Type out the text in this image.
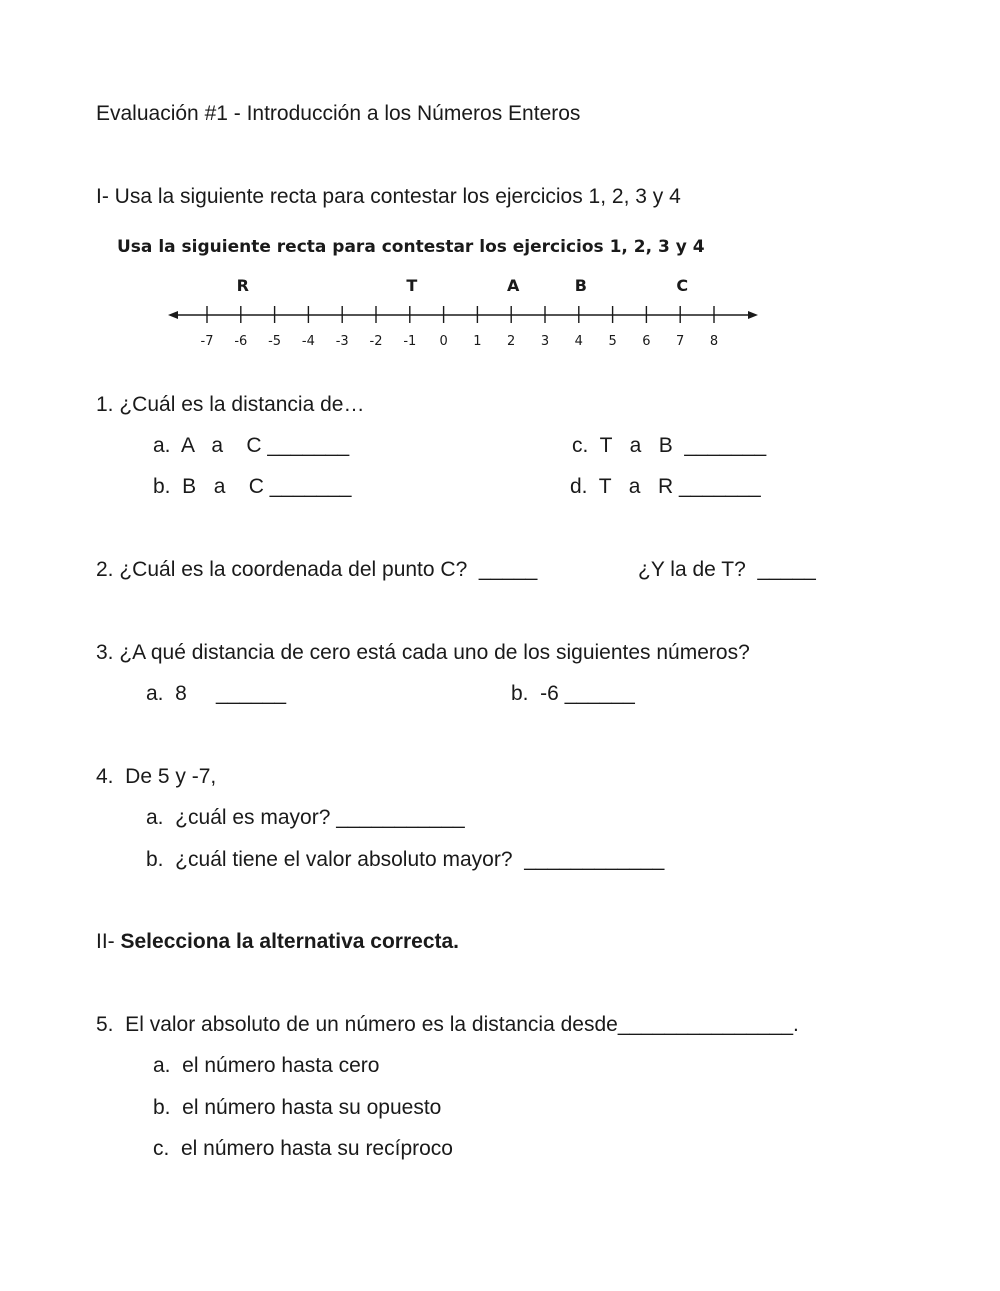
Evaluación #1 - Introducción a los Números Enteros
I- Usa la siguiente recta para contestar los ejercicios 1, 2, 3 y 4
Usa la siguiente recta para contestar los ejercicios 1, 2, 3 y 4
-7 -6 -5 -4 -3 -2 -1 0 1 2 3 4 5 6 7 8
R	T	A	B	C
1. ¿Cuál es la distancia de…
a.  A   a    C _______	c.  T   a   B  _______
b.  B   a    C _______	d.  T   a   R _______
2. ¿Cuál es la coordenada del punto C?  _____	¿Y la de T?  _____
3. ¿A qué distancia de cero está cada uno de los siguientes números?
a.  8     ______	b.  -6 ______
4.  De 5 y -7,
a.  ¿cuál es mayor? ___________
b.  ¿cuál tiene el valor absoluto mayor?  ____________
II- Selecciona la alternativa correcta.
5.  El valor absoluto de un número es la distancia desde_______________.
a.  el número hasta cero
b.  el número hasta su opuesto
c.  el número hasta su recíproco
